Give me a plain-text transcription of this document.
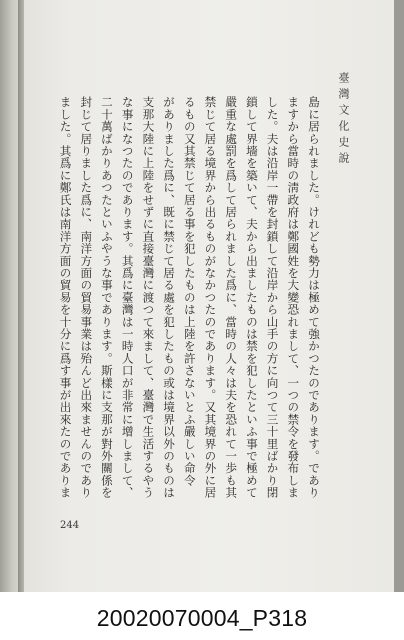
臺灣文化史說
島に居られました。けれども勢力は極めて強かつたのであります。であり
ますから當時の淸政府は鄭國姓を大變恐れまして、一つの禁令を發布しま
した。夫は沿岸一帶を封鎖して沿岸から山手の方に向つて三十里ばかり閉
鎖して界墻を築いて、夫から出ましたものは禁を犯したといふ事で極めて
嚴重な處罰を爲して居られました爲に、當時の人々は夫を恐れて一歩も其
禁じて居る境界から出るものがなかつたのであります。又其境界の外に居
るもの又其禁じて居る事を犯したものは上陸を許さないとふ嚴しい命令
がありました爲に、既に禁じて居る處を犯したもの或は境界以外のものは
支那大陸に上陸をせずに直接臺灣に渡つて來まして、臺灣で生活するやう
な事になつたのであります。其爲に臺灣は一時人口が非常に增しまして、
二十萬ばかりあつたといふやうな事であります。斯樣に支那が對外關係を
封じて居りました爲に、南洋方面の貿易事業は殆んど出來ませんのであり
ました。其爲に鄭氏は南洋方面の貿易を十分に爲す事が出來たのでありま
244
20020070004_P318
